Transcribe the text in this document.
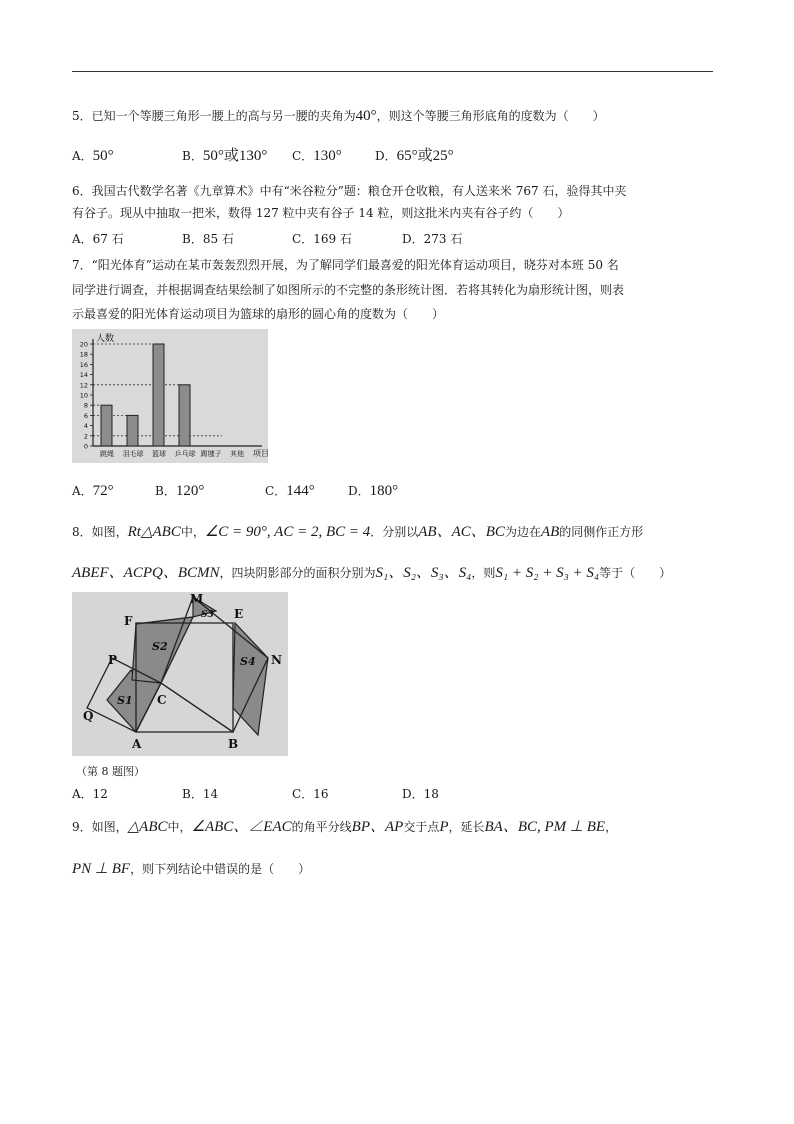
5．已知一个等腰三角形一腰上的高与另一腰的夹角为40°，则这个等腰三角形底角的度数为（　　）
A．50°	B．50°或130° C．130°	D．65°或25°
6．我国古代数学名著《九章算术》中有“米谷粒分”题：粮仓开仓收粮，有人送来米 767 石，验得其中夹
有谷子。现从中抽取一把米，数得 127 粒中夹有谷子 14 粒，则这批米内夹有谷子约（　　）
A．67 石	B．85 石	C．169 石	D．273 石
7．“阳光体育”运动在某市轰轰烈烈开展，为了解同学们最喜爱的阳光体育运动项目，晓芬对本班 50 名
同学进行调查，并根据调查结果绘制了如图所示的不完整的条形统计图．若将其转化为扇形统计图，则表
示最喜爱的阳光体育运动项目为篮球的扇形的圆心角的度数为（　　）
0
2
4
6
8
10
12
14
16
18
20
跳绳 羽毛球 篮球 乒乓球 踢毽子 其他
人数
项目
A．72°	B．120°	C．144°	D．180°
8．如图，Rt△ABC中，∠C = 90°, AC = 2, BC = 4．分别以AB、AC、BC为边在AB的同侧作正方形
ABEF、ACPQ、BCMN，四块阴影部分的面积分别为S₁、S₂、S₃、S₄，则S₁ + S₂ + S₃ + S₄等于（　　）
M
E
F
N
P
Q
C
A	B
S1
S2
S3
S4
（第 8 题图）
A．12	B．14	C．16	D．18
9．如图，△ABC中，∠ABC、∠EAC的角平分线BP、AP交于点P，延长BA、BC, PM ⊥ BE，
PN ⊥ BF，则下列结论中错误的是（　　）
